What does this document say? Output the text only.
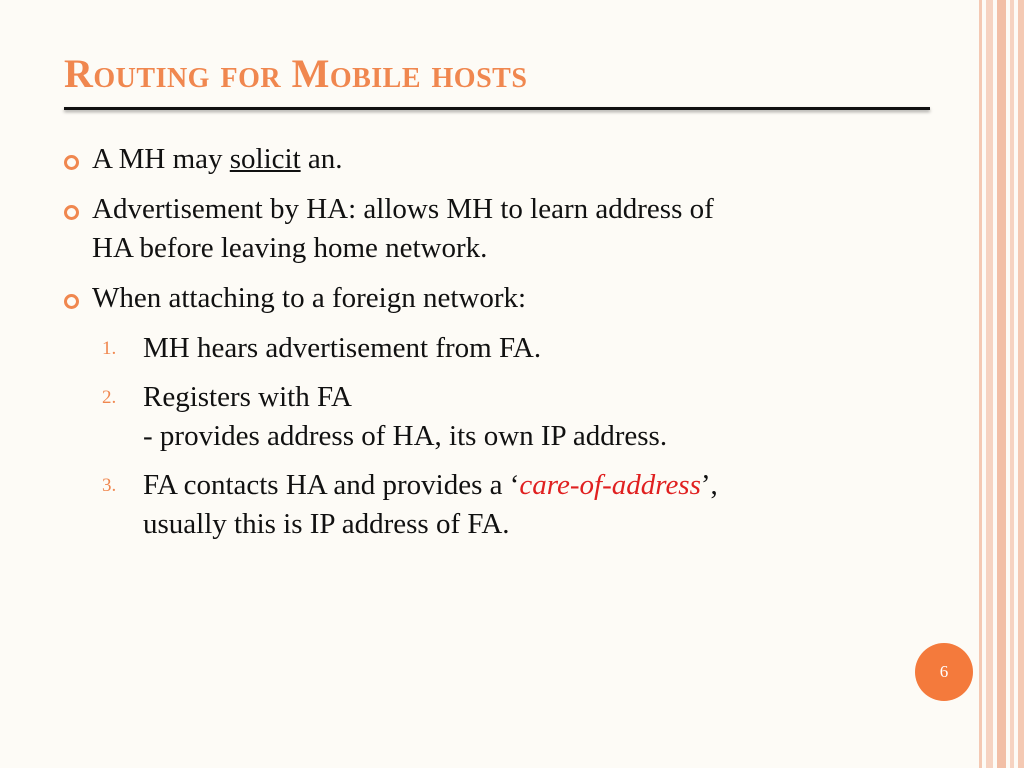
Routing for Mobile hosts
A MH may solicit an.
Advertisement by HA: allows MH to learn address of
HA before leaving home network.
When attaching to a foreign network:
1. MH hears advertisement from FA.
2. Registers with FA
- provides address of HA, its own IP address.
3. FA contacts HA and provides a ‘care-of-address’,
usually this is IP address of FA.
6
